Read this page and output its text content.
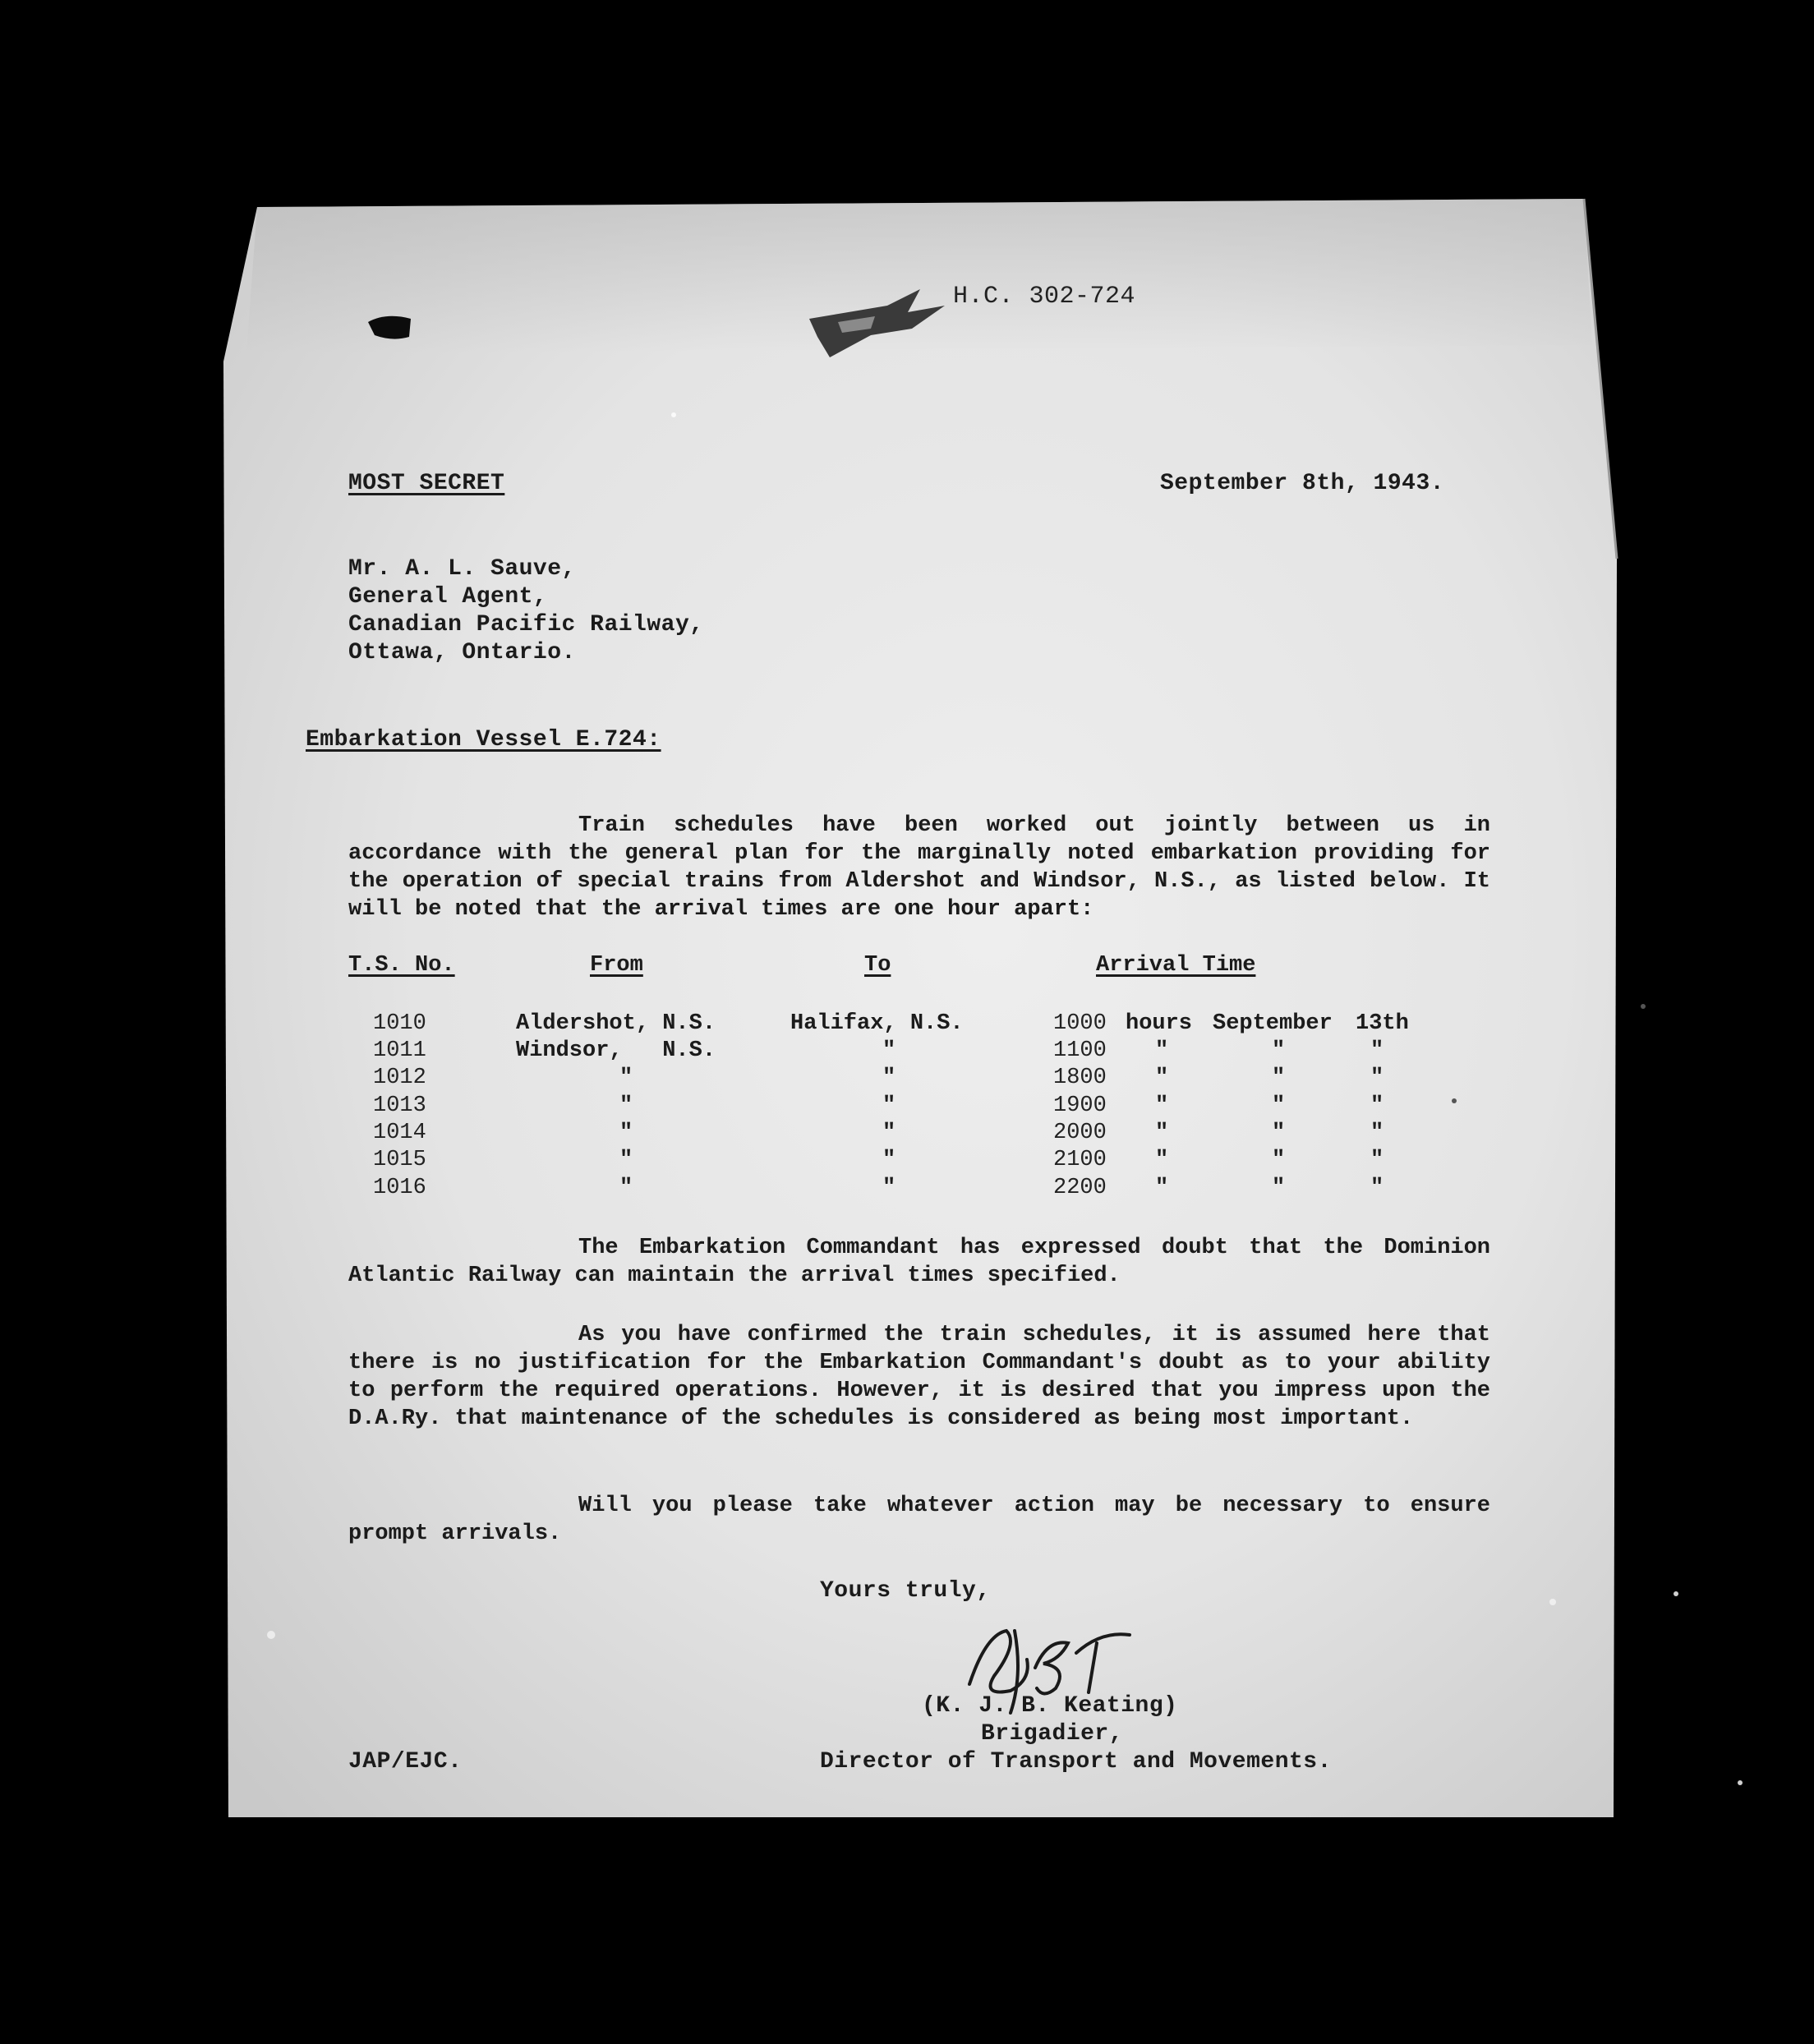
H.C. 302-724
MOST SECRET	September 8th, 1943.
Mr. A. L. Sauve,
General Agent,
Canadian Pacific Railway,
Ottawa, Ontario.
Embarkation Vessel E.724:
Train schedules have been worked out jointly between us in accordance with the general plan for the marginally noted embarkation providing for the operation of special trains from Aldershot and Windsor, N.S., as listed below. It will be noted that the arrival times are one hour apart:
T.S. No.	From	To	Arrival Time
1010	Aldershot, N.S.	Halifax, N.S.	1000 hours September 13th
1011	Windsor,   N.S.	"	1100 "	"	"
1012	"	"	1800 "	"	"
1013	"	"	1900 "	"	"
1014	"	"	2000 "	"	"
1015	"	"	2100 "	"	"
1016	"	"	2200 "	"	"
The Embarkation Commandant has expressed doubt that the Dominion Atlantic Railway can maintain the arrival times specified.
As you have confirmed the train schedules, it is assumed here that there is no justification for the Embarkation Commandant's doubt as to your ability to perform the required operations. However, it is desired that you impress upon the D.A.Ry. that maintenance of the schedules is considered as being most important.
Will you please take whatever action may be necessary to ensure prompt arrivals.
Yours truly,
(K. J. B. Keating)
Brigadier,
Director of Transport and Movements.
JAP/EJC.
